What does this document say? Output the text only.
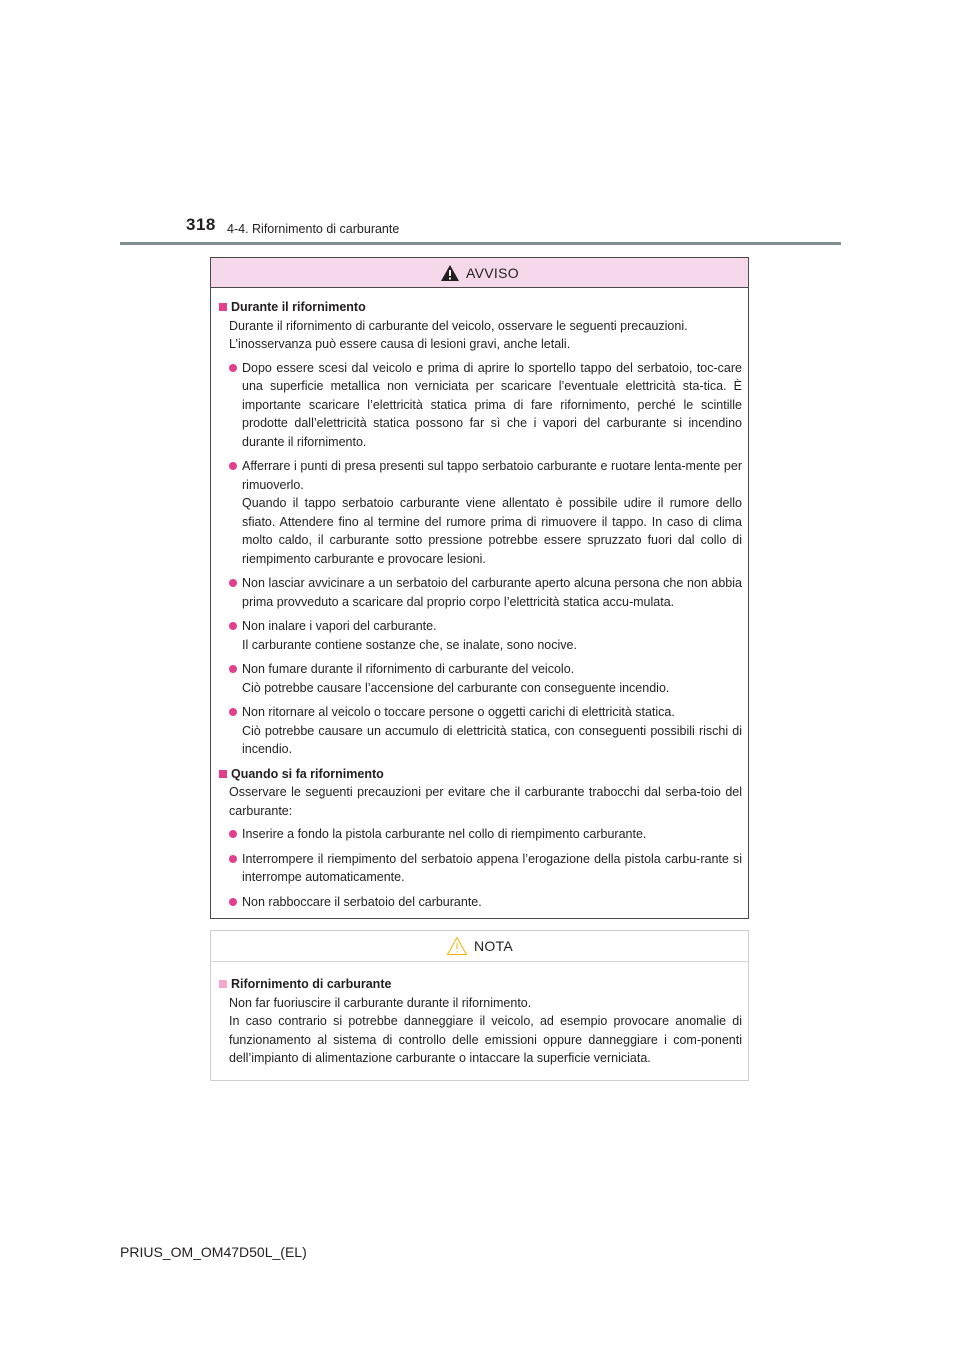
318 4-4. Rifornimento di carburante
AVVISO
Durante il rifornimento
Durante il rifornimento di carburante del veicolo, osservare le seguenti precauzioni.
L’inosservanza può essere causa di lesioni gravi, anche letali.
Dopo essere scesi dal veicolo e prima di aprire lo sportello tappo del serbatoio, toc-care una superficie metallica non verniciata per scaricare l’eventuale elettricità sta-tica. È importante scaricare l’elettricità statica prima di fare rifornimento, perché le scintille prodotte dall’elettricità statica possono far sì che i vapori del carburante si incendino durante il rifornimento.
Afferrare i punti di presa presenti sul tappo serbatoio carburante e ruotare lenta-mente per rimuoverlo.
Quando il tappo serbatoio carburante viene allentato è possibile udire il rumore dello sfiato. Attendere fino al termine del rumore prima di rimuovere il tappo. In caso di clima molto caldo, il carburante sotto pressione potrebbe essere spruzzato fuori dal collo di riempimento carburante e provocare lesioni.
Non lasciar avvicinare a un serbatoio del carburante aperto alcuna persona che non abbia prima provveduto a scaricare dal proprio corpo l’elettricità statica accu-mulata.
Non inalare i vapori del carburante.
Il carburante contiene sostanze che, se inalate, sono nocive.
Non fumare durante il rifornimento di carburante del veicolo.
Ciò potrebbe causare l’accensione del carburante con conseguente incendio.
Non ritornare al veicolo o toccare persone o oggetti carichi di elettricità statica.
Ciò potrebbe causare un accumulo di elettricità statica, con conseguenti possibili rischi di incendio.
Quando si fa rifornimento
Osservare le seguenti precauzioni per evitare che il carburante trabocchi dal serba-toio del carburante:
Inserire a fondo la pistola carburante nel collo di riempimento carburante.
Interrompere il riempimento del serbatoio appena l’erogazione della pistola carbu-rante si interrompe automaticamente.
Non rabboccare il serbatoio del carburante.
NOTA
Rifornimento di carburante
Non far fuoriuscire il carburante durante il rifornimento.
In caso contrario si potrebbe danneggiare il veicolo, ad esempio provocare anomalie di funzionamento al sistema di controllo delle emissioni oppure danneggiare i com-ponenti dell’impianto di alimentazione carburante o intaccare la superficie verniciata.
PRIUS_OM_OM47D50L_(EL)
